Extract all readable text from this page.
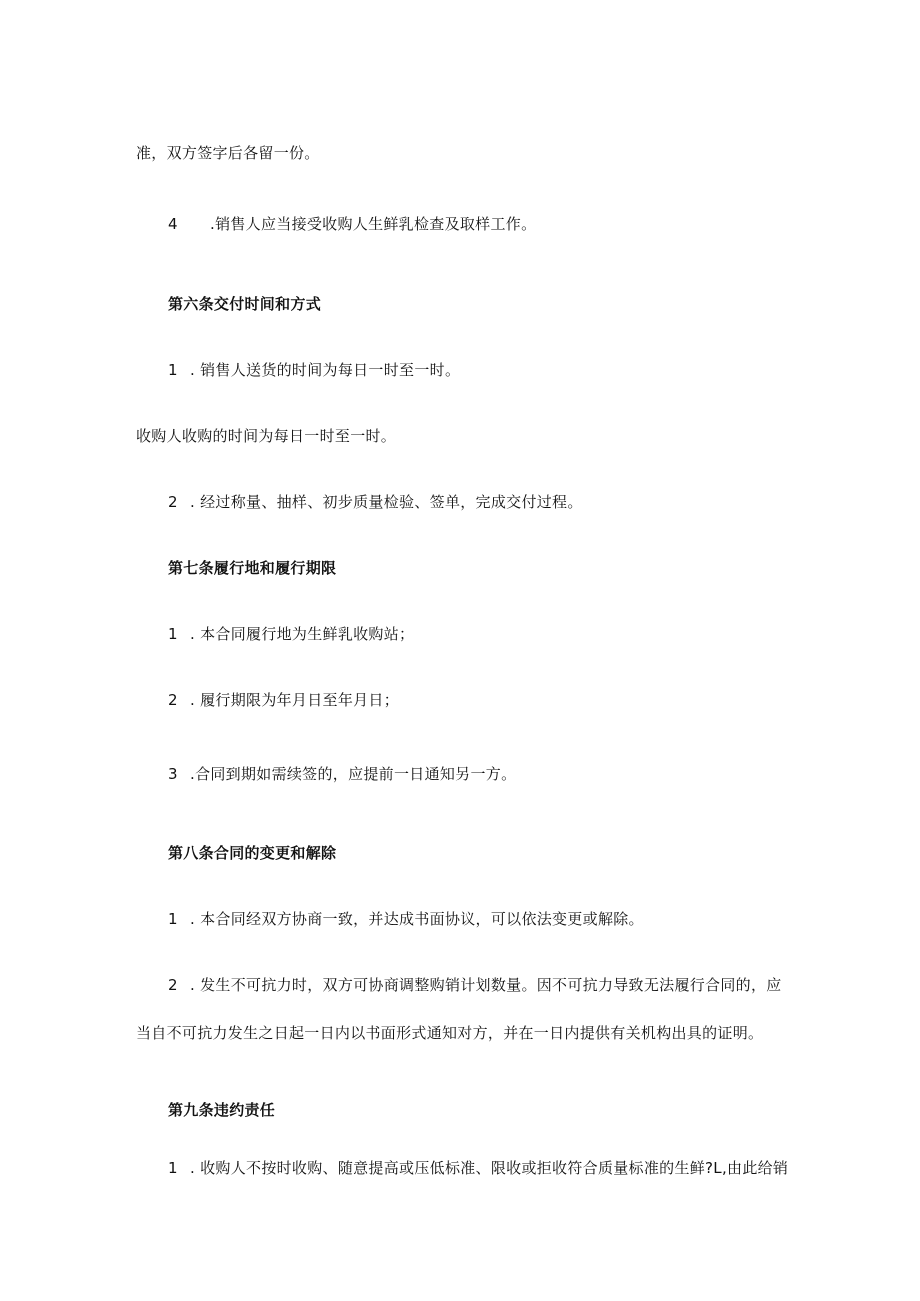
准，双方签字后各留一份。
4 .销售人应当接受收购人生鲜乳检查及取样工作。
第六条交付时间和方式
1 . 销售人送货的时间为每日一时至一时。
收购人收购的时间为每日一时至一时。
2 . 经过称量、抽样、初步质量检验、签单，完成交付过程。
第七条履行地和履行期限
1 . 本合同履行地为生鲜乳收购站；
2 . 履行期限为年月日至年月日；
3 .合同到期如需续签的，应提前一日通知另一方。
第八条合同的变更和解除
1 . 本合同经双方协商一致，并达成书面协议，可以依法变更或解除。
2 . 发生不可抗力时，双方可协商调整购销计划数量。因不可抗力导致无法履行合同的，应
当自不可抗力发生之日起一日内以书面形式通知对方，并在一日内提供有关机构出具的证明。
第九条违约责任
1 . 收购人不按时收购、随意提高或压低标准、限收或拒收符合质量标准的生鲜?L,由此给销
